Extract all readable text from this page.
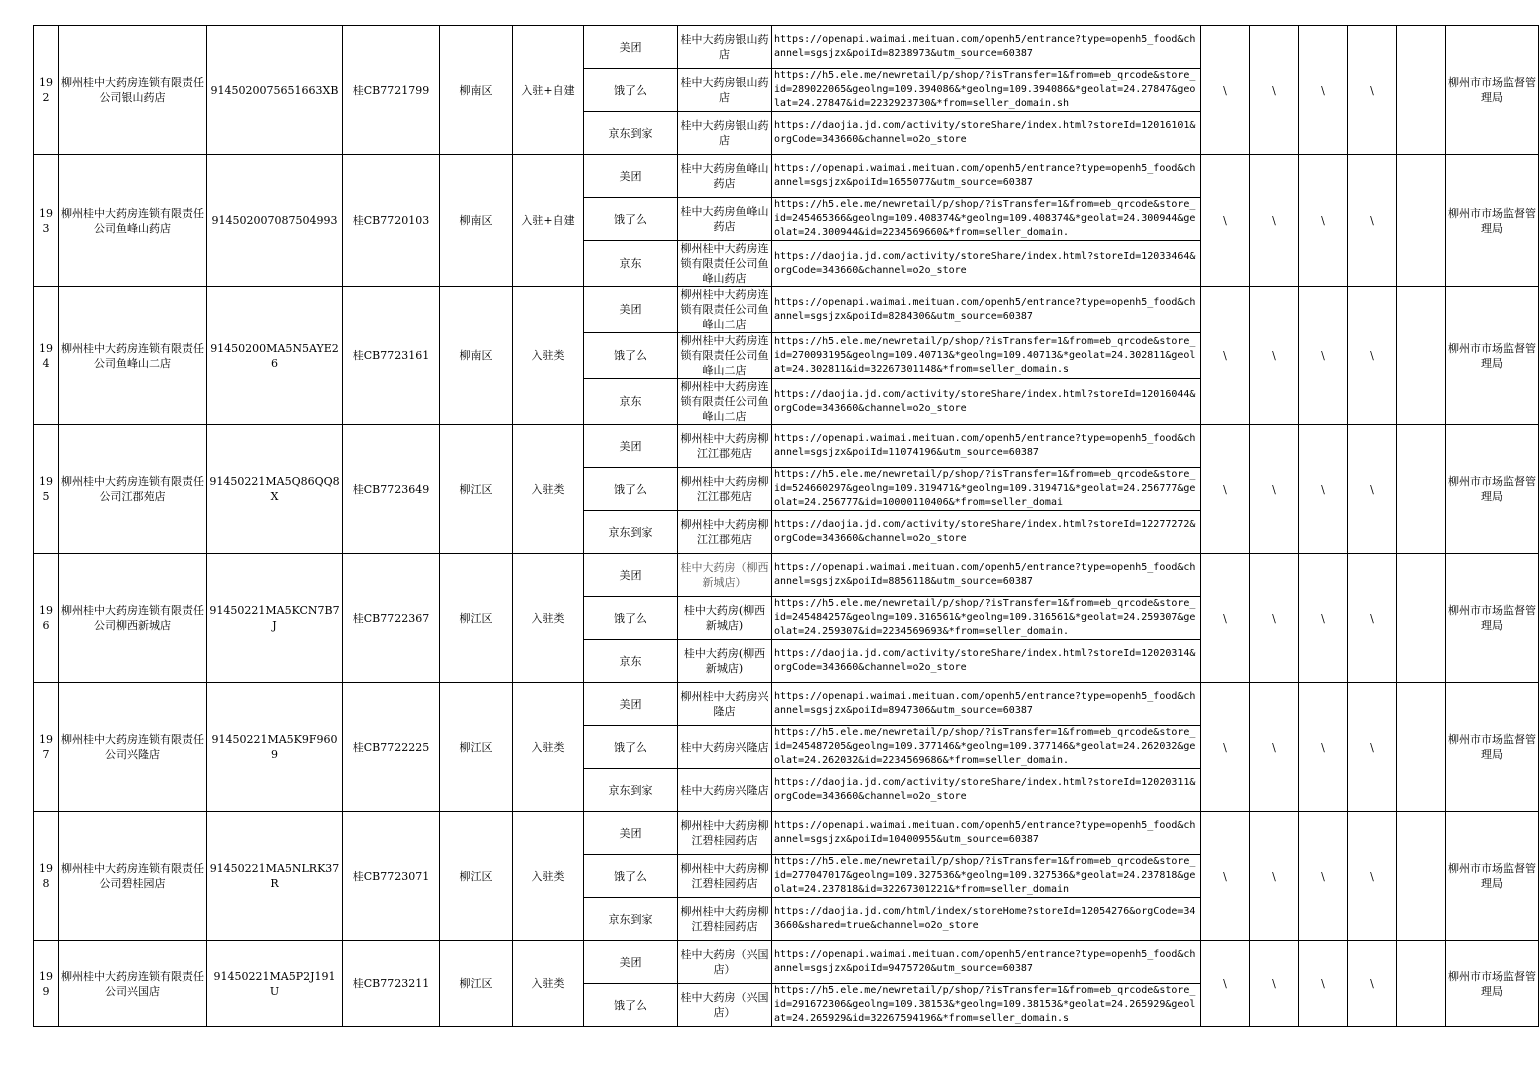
192	柳州桂中大药房连锁有限责任公司银山药店	9145020075651663XB	桂CB7721799	柳南区	入驻+自建	美团	桂中大药房银山药店	https://openapi.waimai.meituan.com/openh5/entrance?type=openh5_food&channel=sgsjzx&poiId=8238973&utm_source=60387	\	\	\	\		柳州市市场监督管理局
						饿了么	桂中大药房银山药店	https://h5.ele.me/newretail/p/shop/?isTransfer=1&from=eb_qrcode&store_id=289022065&geolng=109.394086&*geolng=109.394086&*geolat=24.27847&geolat=24.27847&id=2232923730&*from=seller_domain.sh						

						京东到家	桂中大药房银山药店	https://daojia.jd.com/activity/storeShare/index.html?storeId=12016101&orgCode=343660&channel=o2o_store						

193	柳州桂中大药房连锁有限责任公司鱼峰山药店	914502007087504993	桂CB7720103	柳南区	入驻+自建	美团	桂中大药房鱼峰山药店	https://openapi.waimai.meituan.com/openh5/entrance?type=openh5_food&channel=sgsjzx&poiId=1655077&utm_source=60387	\	\	\	\		柳州市市场监督管理局
						饿了么	桂中大药房鱼峰山药店	https://h5.ele.me/newretail/p/shop/?isTransfer=1&from=eb_qrcode&store_id=245465366&geolng=109.408374&*geolng=109.408374&*geolat=24.300944&geolat=24.300944&id=2234569660&*from=seller_domain.						

						京东	柳州桂中大药房连锁有限责任公司鱼峰山药店	https://daojia.jd.com/activity/storeShare/index.html?storeId=12033464&orgCode=343660&channel=o2o_store						

194	柳州桂中大药房连锁有限责任公司鱼峰山二店	91450200MA5N5AYE26	桂CB7723161	柳南区	入驻类	美团	柳州桂中大药房连锁有限责任公司鱼峰山二店	https://openapi.waimai.meituan.com/openh5/entrance?type=openh5_food&channel=sgsjzx&poiId=8284306&utm_source=60387	\	\	\	\		柳州市市场监督管理局
						饿了么	柳州桂中大药房连锁有限责任公司鱼峰山二店	https://h5.ele.me/newretail/p/shop/?isTransfer=1&from=eb_qrcode&store_id=270093195&geolng=109.40713&*geolng=109.40713&*geolat=24.302811&geolat=24.302811&id=32267301148&*from=seller_domain.s						

						京东	柳州桂中大药房连锁有限责任公司鱼峰山二店	https://daojia.jd.com/activity/storeShare/index.html?storeId=12016044&orgCode=343660&channel=o2o_store						

195	柳州桂中大药房连锁有限责任公司江郡苑店	91450221MA5Q86QQ8X	桂CB7723649	柳江区	入驻类	美团	柳州桂中大药房柳江江郡苑店	https://openapi.waimai.meituan.com/openh5/entrance?type=openh5_food&channel=sgsjzx&poiId=11074196&utm_source=60387	\	\	\	\		柳州市市场监督管理局
						饿了么	柳州桂中大药房柳江江郡苑店	https://h5.ele.me/newretail/p/shop/?isTransfer=1&from=eb_qrcode&store_id=524660297&geolng=109.319471&*geolng=109.319471&*geolat=24.256777&geolat=24.256777&id=10000110406&*from=seller_domai						

						京东到家	柳州桂中大药房柳江江郡苑店	https://daojia.jd.com/activity/storeShare/index.html?storeId=12277272&orgCode=343660&channel=o2o_store						

196	柳州桂中大药房连锁有限责任公司柳西新城店	91450221MA5KCN7B7J	桂CB7722367	柳江区	入驻类	美团	桂中大药房（柳西新城店）	https://openapi.waimai.meituan.com/openh5/entrance?type=openh5_food&channel=sgsjzx&poiId=8856118&utm_source=60387	\	\	\	\		柳州市市场监督管理局
						饿了么	桂中大药房(柳西新城店)	https://h5.ele.me/newretail/p/shop/?isTransfer=1&from=eb_qrcode&store_id=245484257&geolng=109.316561&*geolng=109.316561&*geolat=24.259307&geolat=24.259307&id=2234569693&*from=seller_domain.						

						京东	桂中大药房(柳西新城店)	https://daojia.jd.com/activity/storeShare/index.html?storeId=12020314&orgCode=343660&channel=o2o_store						

197	柳州桂中大药房连锁有限责任公司兴隆店	91450221MA5K9F9609	桂CB7722225	柳江区	入驻类	美团	柳州桂中大药房兴隆店	https://openapi.waimai.meituan.com/openh5/entrance?type=openh5_food&channel=sgsjzx&poiId=8947306&utm_source=60387	\	\	\	\		柳州市市场监督管理局
						饿了么	桂中大药房兴隆店	https://h5.ele.me/newretail/p/shop/?isTransfer=1&from=eb_qrcode&store_id=245487205&geolng=109.377146&*geolng=109.377146&*geolat=24.262032&geolat=24.262032&id=2234569686&*from=seller_domain.						

						京东到家	桂中大药房兴隆店	https://daojia.jd.com/activity/storeShare/index.html?storeId=12020311&orgCode=343660&channel=o2o_store						

198	柳州桂中大药房连锁有限责任公司碧桂园店	91450221MA5NLRK37R	桂CB7723071	柳江区	入驻类	美团	柳州桂中大药房柳江碧桂园药店	https://openapi.waimai.meituan.com/openh5/entrance?type=openh5_food&channel=sgsjzx&poiId=10400955&utm_source=60387	\	\	\	\		柳州市市场监督管理局
						饿了么	柳州桂中大药房柳江碧桂园药店	https://h5.ele.me/newretail/p/shop/?isTransfer=1&from=eb_qrcode&store_id=277047017&geolng=109.327536&*geolng=109.327536&*geolat=24.237818&geolat=24.237818&id=32267301221&*from=seller_domain						

						京东到家	柳州桂中大药房柳江碧桂园药店	https://daojia.jd.com/html/index/storeHome?storeId=12054276&orgCode=343660&shared=true&channel=o2o_store						

199	柳州桂中大药房连锁有限责任公司兴国店	91450221MA5P2J191U	桂CB7723211	柳江区	入驻类	美团	桂中大药房（兴国店）	https://openapi.waimai.meituan.com/openh5/entrance?type=openh5_food&channel=sgsjzx&poiId=9475720&utm_source=60387	\	\	\	\		柳州市市场监督管理局
						饿了么	桂中大药房（兴国店）	https://h5.ele.me/newretail/p/shop/?isTransfer=1&from=eb_qrcode&store_id=291672306&geolng=109.38153&*geolng=109.38153&*geolat=24.265929&geolat=24.265929&id=32267594196&*from=seller_domain.s						
